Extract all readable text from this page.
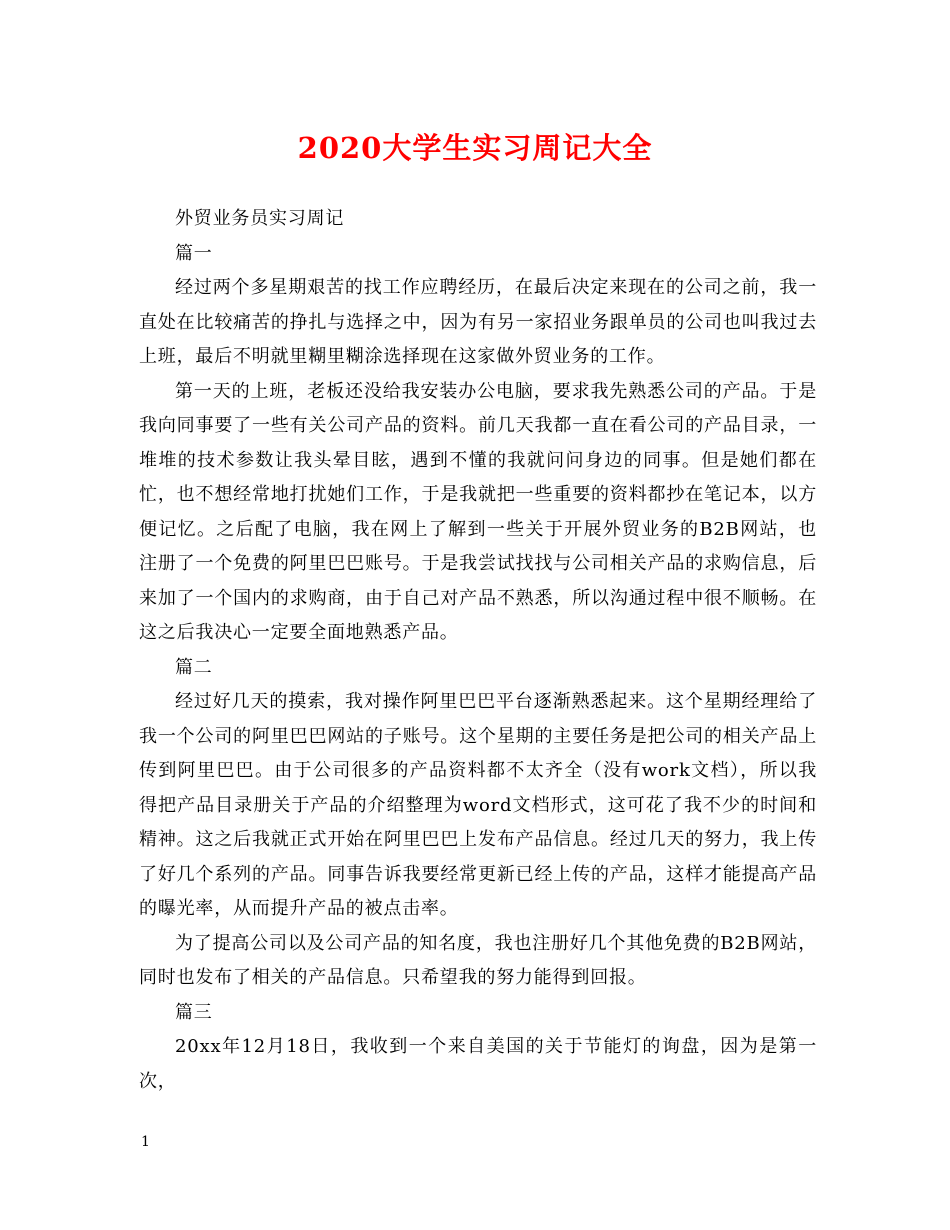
2020大学生实习周记大全

外贸业务员实习周记

篇一

经过两个多星期艰苦的找工作应聘经历，在最后决定来现在的公司之前，我一直处在比较痛苦的挣扎与选择之中，因为有另一家招业务跟单员的公司也叫我过去上班，最后不明就里糊里糊涂选择现在这家做外贸业务的工作。

第一天的上班，老板还没给我安装办公电脑，要求我先熟悉公司的产品。于是我向同事要了一些有关公司产品的资料。前几天我都一直在看公司的产品目录，一堆堆的技术参数让我头晕目眩，遇到不懂的我就问问身边的同事。但是她们都在忙，也不想经常地打扰她们工作，于是我就把一些重要的资料都抄在笔记本，以方便记忆。之后配了电脑，我在网上了解到一些关于开展外贸业务的B2B网站，也注册了一个免费的阿里巴巴账号。于是我尝试找找与公司相关产品的求购信息，后来加了一个国内的求购商，由于自己对产品不熟悉，所以沟通过程中很不顺畅。在这之后我决心一定要全面地熟悉产品。

篇二

经过好几天的摸索，我对操作阿里巴巴平台逐渐熟悉起来。这个星期经理给了我一个公司的阿里巴巴网站的子账号。这个星期的主要任务是把公司的相关产品上传到阿里巴巴。由于公司很多的产品资料都不太齐全（没有work文档），所以我得把产品目录册关于产品的介绍整理为word文档形式，这可花了我不少的时间和精神。这之后我就正式开始在阿里巴巴上发布产品信息。经过几天的努力，我上传了好几个系列的产品。同事告诉我要经常更新已经上传的产品，这样才能提高产品的曝光率，从而提升产品的被点击率。

为了提高公司以及公司产品的知名度，我也注册好几个其他免费的B2B网站，同时也发布了相关的产品信息。只希望我的努力能得到回报。

篇三

20xx年12月18日，我收到一个来自美国的关于节能灯的询盘，因为是第一次，

1
